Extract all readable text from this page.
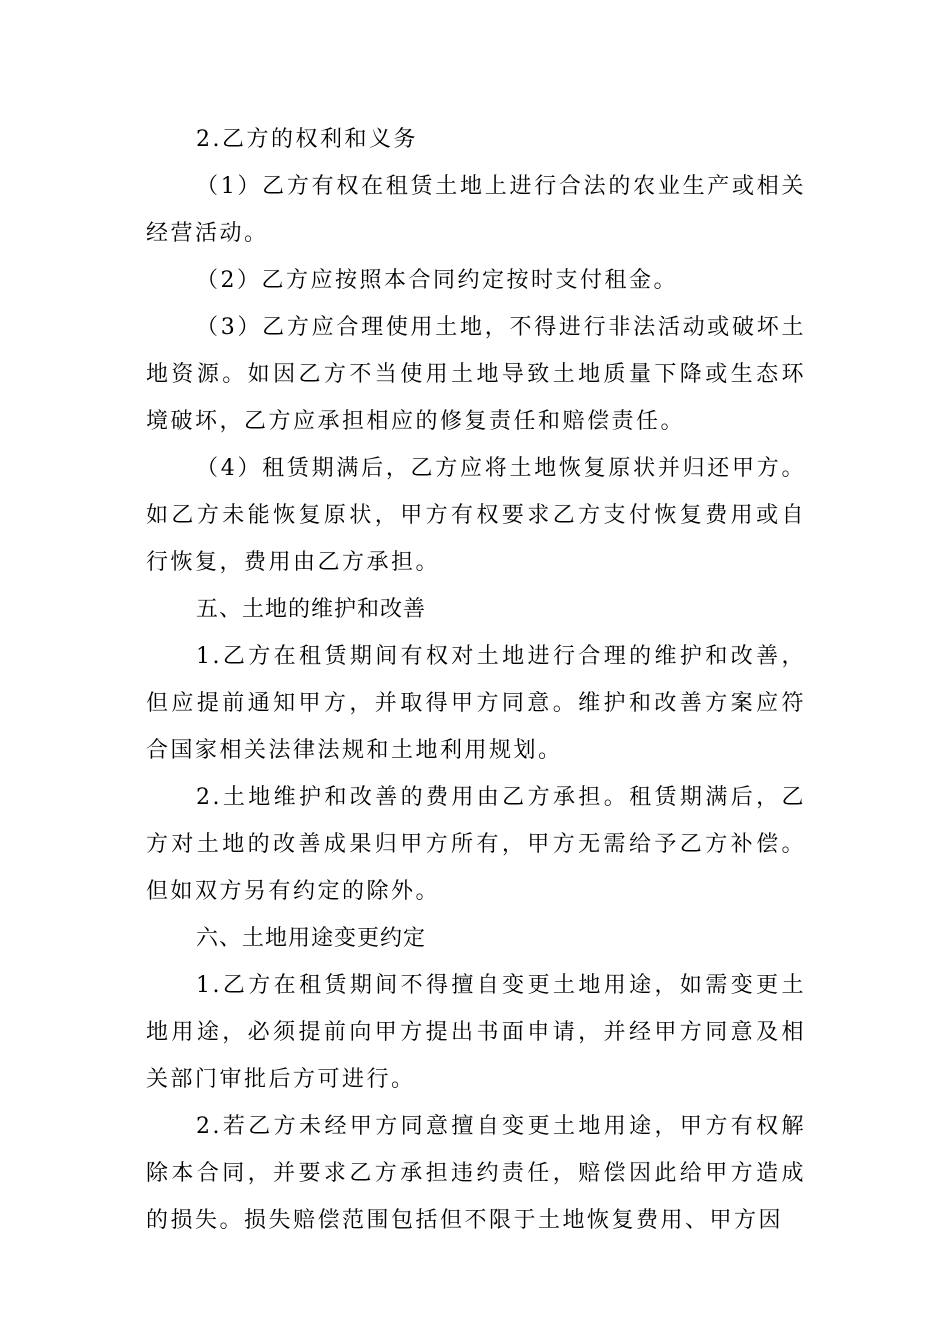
2.乙方的权利和义务

（1）乙方有权在租赁土地上进行合法的农业生产或相关经营活动。

（2）乙方应按照本合同约定按时支付租金。

（3）乙方应合理使用土地，不得进行非法活动或破坏土地资源。如因乙方不当使用土地导致土地质量下降或生态环境破坏，乙方应承担相应的修复责任和赔偿责任。

（4）租赁期满后，乙方应将土地恢复原状并归还甲方。如乙方未能恢复原状，甲方有权要求乙方支付恢复费用或自行恢复，费用由乙方承担。

五、土地的维护和改善

1.乙方在租赁期间有权对土地进行合理的维护和改善，但应提前通知甲方，并取得甲方同意。维护和改善方案应符合国家相关法律法规和土地利用规划。

2.土地维护和改善的费用由乙方承担。租赁期满后，乙方对土地的改善成果归甲方所有，甲方无需给予乙方补偿。但如双方另有约定的除外。

六、土地用途变更约定

1.乙方在租赁期间不得擅自变更土地用途，如需变更土地用途，必须提前向甲方提出书面申请，并经甲方同意及相关部门审批后方可进行。

2.若乙方未经甲方同意擅自变更土地用途，甲方有权解除本合同，并要求乙方承担违约责任，赔偿因此给甲方造成的损失。损失赔偿范围包括但不限于土地恢复费用、甲方因
